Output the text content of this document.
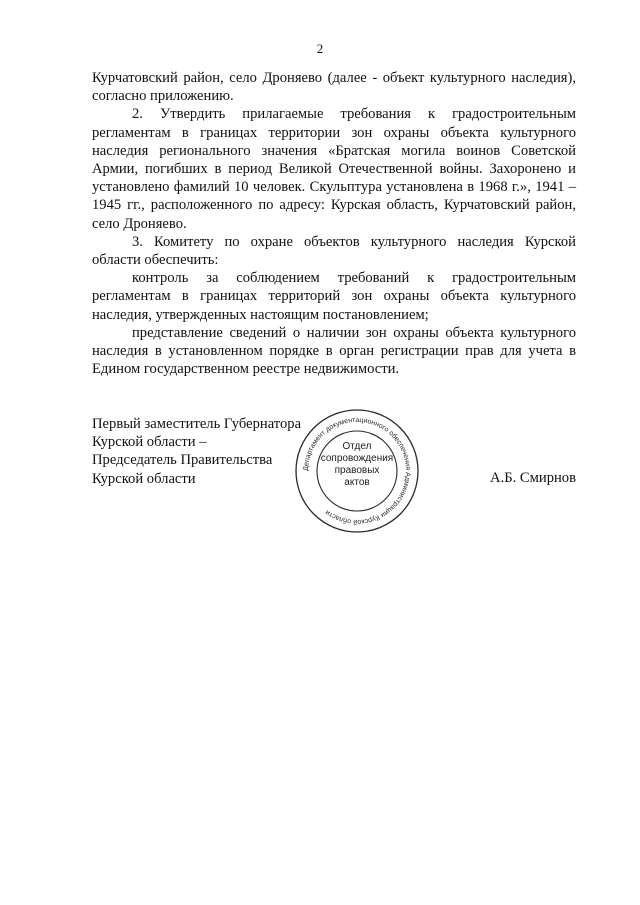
2

Курчатовский район, село Дроняево (далее - объект культурного наследия), согласно приложению.

2. Утвердить прилагаемые требования к градостроительным регламентам в границах территории зон охраны объекта культурного наследия регионального значения «Братская могила воинов Советской Армии, погибших в период Великой Отечественной войны. Захоронено и установлено фамилий 10 человек. Скульптура установлена в 1968 г.», 1941 – 1945 гг., расположенного по адресу: Курская область, Курчатовский район, село Дроняево.

3. Комитету по охране объектов культурного наследия Курской области обеспечить:

контроль за соблюдением требований к градостроительным регламентам в границах территорий зон охраны объекта культурного наследия, утвержденных настоящим постановлением;

представление сведений о наличии зон охраны объекта культурного наследия в установленном порядке в орган регистрации прав для учета в Едином государственном реестре недвижимости.

Первый заместитель Губернатора
Курской области –
Председатель Правительства
Курской области
Департамент документационного обеспечения Администрации Курской области
Отдел
сопровождения
правовых
актов	А.Б. Смирнов
